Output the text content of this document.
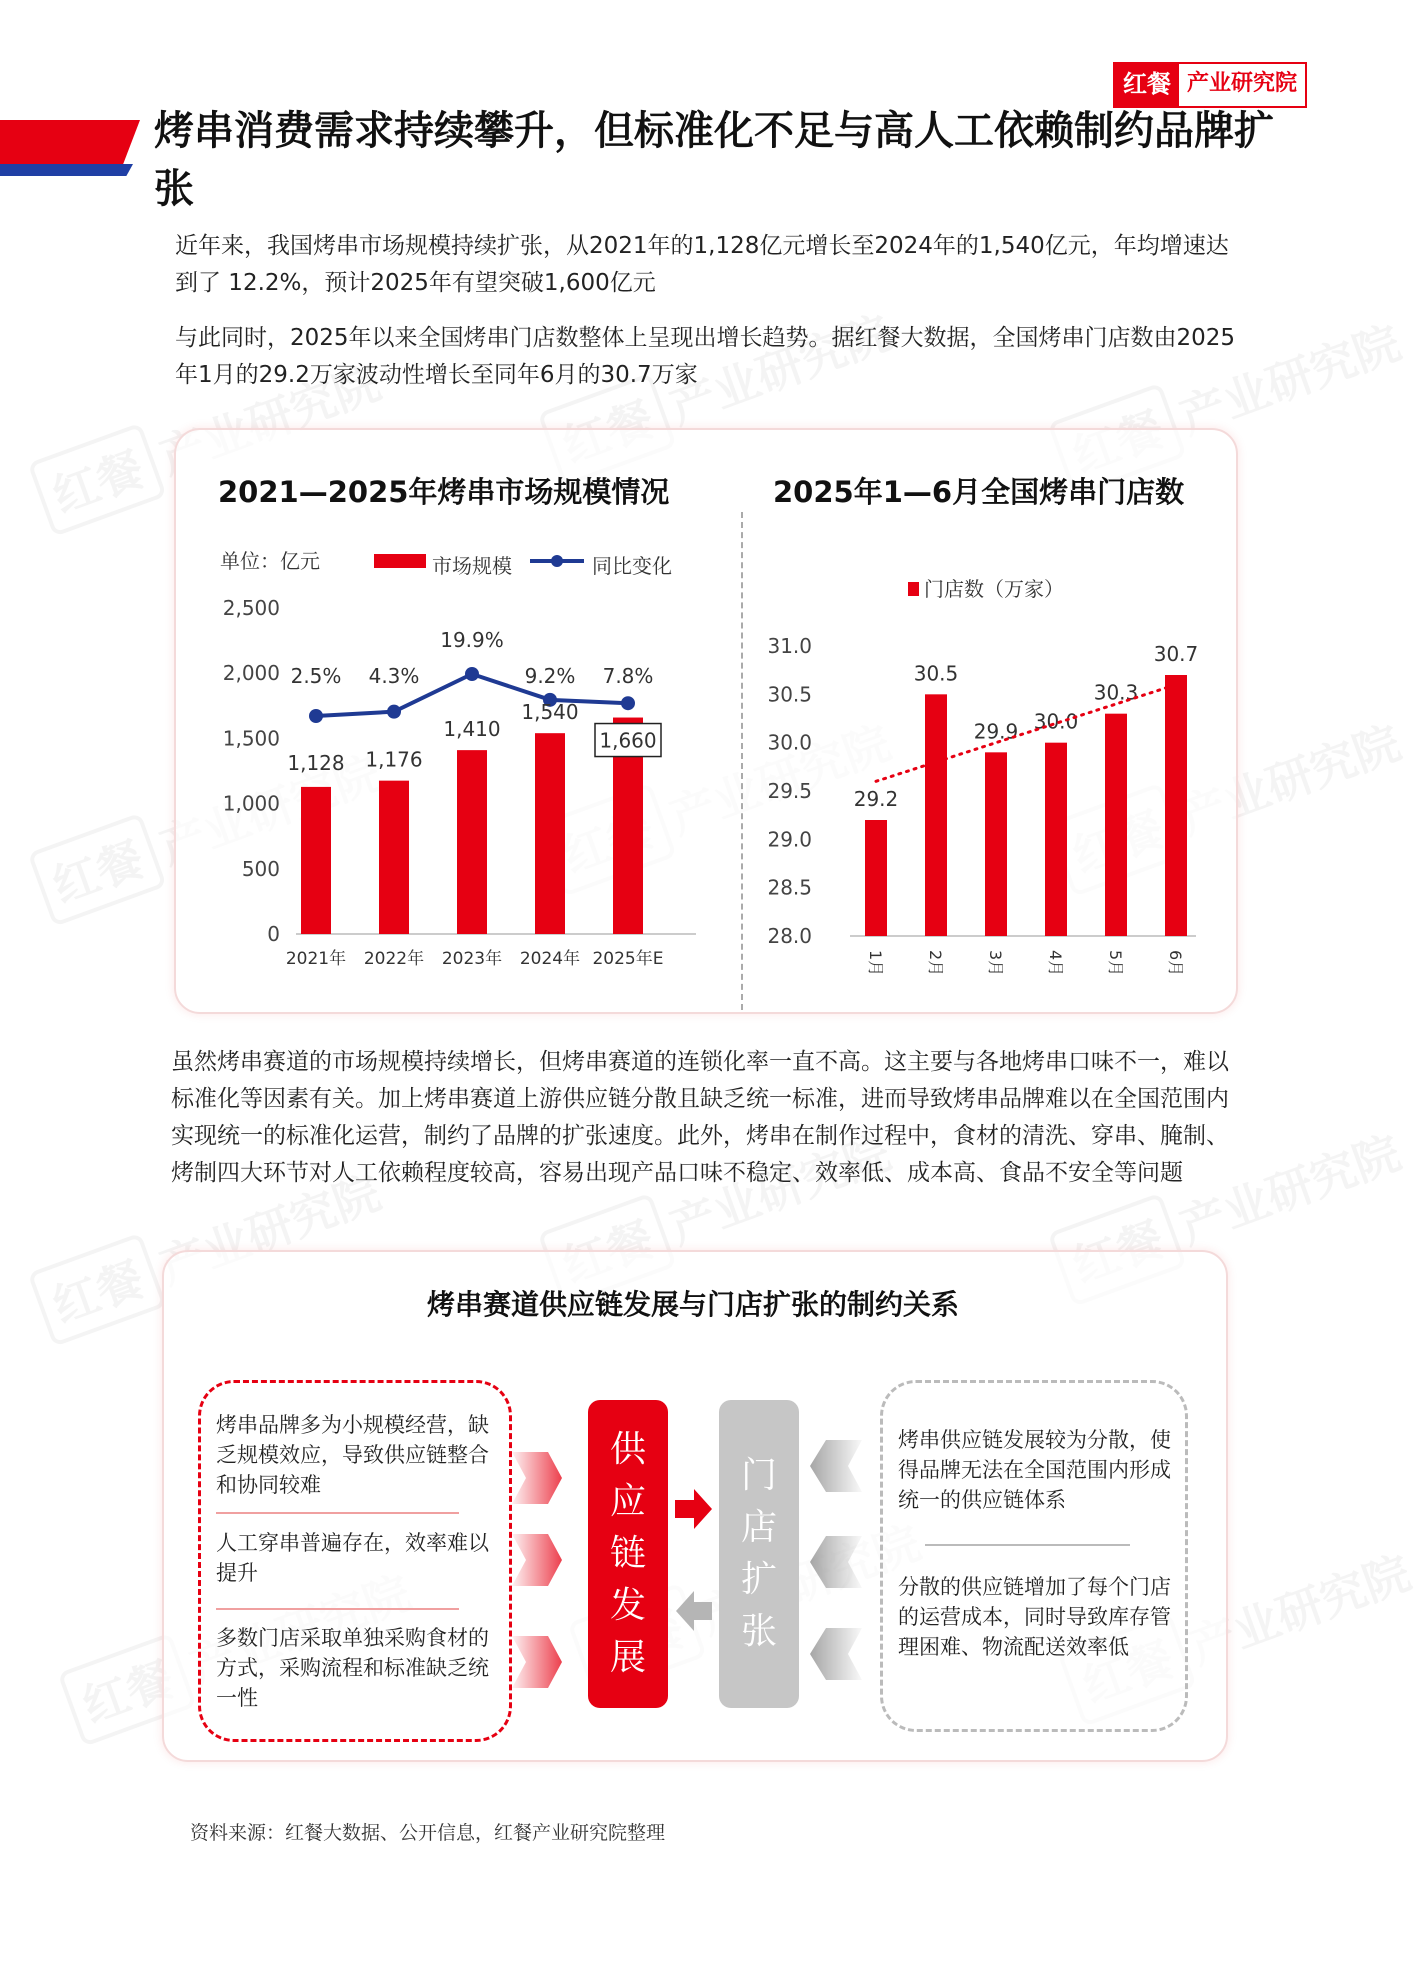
红餐 产业研究院
烤串消费需求持续攀升，但标准化不足与高人工依赖制约品牌扩张

近年来，我国烤串市场规模持续扩张，从2021年的1,128亿元增长至2024年的1,540亿元，年均增速达到了 12.2%，预计2025年有望突破1,600亿元

与此同时，2025年以来全国烤串门店数整体上呈现出增长趋势。据红餐大数据，全国烤串门店数由2025年1月的29.2万家波动性增长至同年6月的30.7万家

2021—2025年烤串市场规模情况	2025年1—6月全国烤串门店数
单位：亿元	市场规模	同比变化
0
500
1,000
1,500
2,000
2,500
2021年 2022年 2023年 2024年 2025年E
2.5% 4.3%
19.9%
9.2% 7.8%
1,128 1,176
1,410
1,540
1,660
门店数（万家）
28.0
28.5
29.0
29.5
30.0
30.5
31.0
29.2
1月
30.5
2月
29.9
3月
30.0
4月
30.3
5月
30.7
6月

虽然烤串赛道的市场规模持续增长，但烤串赛道的连锁化率一直不高。这主要与各地烤串口味不一，难以标准化等因素有关。加上烤串赛道上游供应链分散且缺乏统一标准，进而导致烤串品牌难以在全国范围内实现统一的标准化运营，制约了品牌的扩张速度。此外，烤串在制作过程中，食材的清洗、穿串、腌制、烤制四大环节对人工依赖程度较高，容易出现产品口味不稳定、效率低、成本高、食品不安全等问题

烤串赛道供应链发展与门店扩张的制约关系
烤串品牌多为小规模经营，缺乏规模效应，导致供应链整合和协同较难
人工穿串普遍存在，效率难以提升
多数门店采取单独采购食材的方式，采购流程和标准缺乏统一性
供
应
链
发
展
门
店
扩
张
烤串供应链发展较为分散，使得品牌无法在全国范围内形成统一的供应链体系
分散的供应链增加了每个门店的运营成本，同时导致库存管理困难、物流配送效率低

资料来源：红餐大数据、公开信息，红餐产业研究院整理
